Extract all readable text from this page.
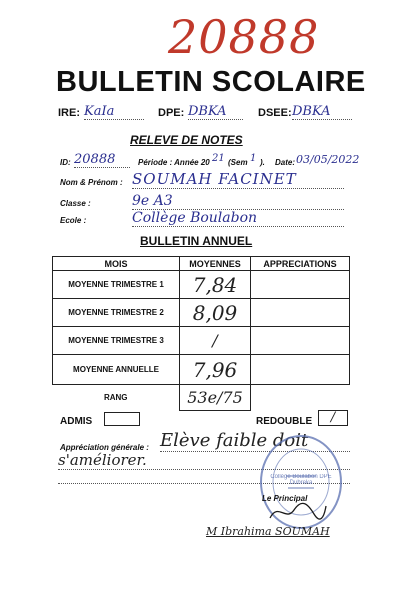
20888
BULLETIN SCOLAIRE
IRE: KaIa	DPE: DBKA	DSEE: DBKA
RELEVE DE NOTES
ID: 20888	Période : Année 20 21 (Sem 1 ). Date: 03/05/2022
Nom & Prénom : SOUMAH FACINET
Classe :	9e A3
Ecole :	Collège Boulabon
BULLETIN ANNUEL
MOIS	MOYENNES	APPRECIATIONS
MOYENNE TRIMESTRE 1	7,84	
MOYENNE TRIMESTRE 2	8,09	
MOYENNE TRIMESTRE 3	/	
MOYENNE ANNUELLE	7,96	
RANG	53e/75	
ADMIS	REDOUBLE	/
Appréciation générale : Elève faible doit
s'améliorer.
Collège Boulabon DPE Dubreka
Le Principal
M Ibrahima SOUMAH
